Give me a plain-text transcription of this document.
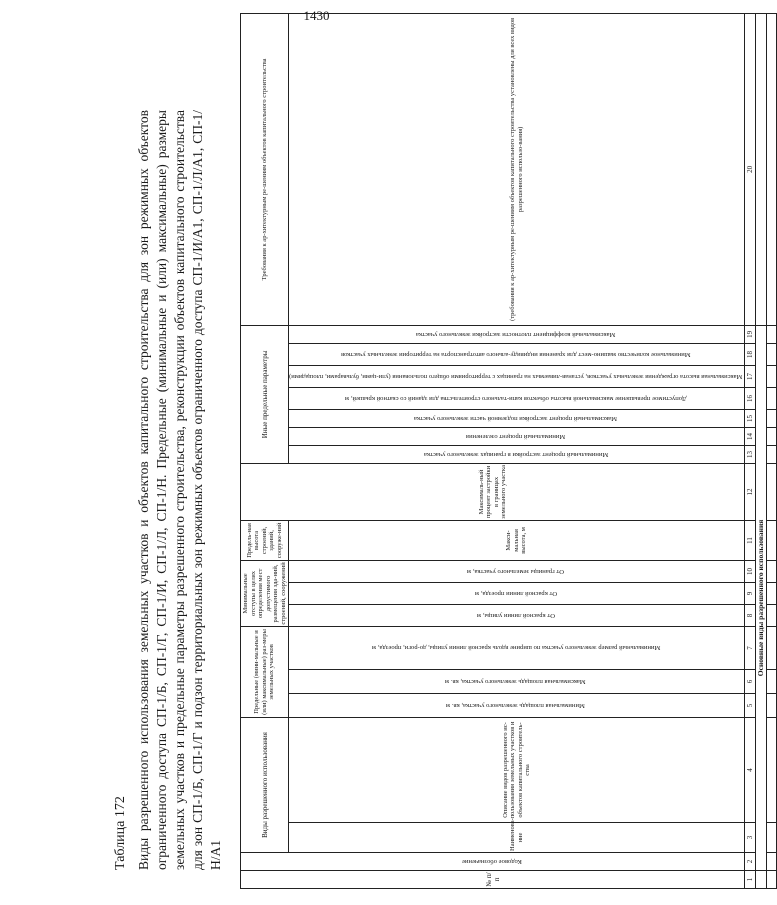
1430
Таблица 172 Виды разрешенного использования земельных участков и объектов капитального строительства для зон режимных объектов ограниченного доступа СП-1/Б, СП-1/Г, СП-1/И, СП-1/Л, СП-1/Н. Предельные (минимальные и (или) максимальные) размеры земельных участков и предельные параметры разрешенного строительства, реконструкции объектов капитального строительства для зон СП-1/Б, СП-1/Г и подзон территориальных зон режимных объектов ограниченного доступа СП-1/И/А1, СП-1/Л/А1, СП-1/Н/А1
№ п/п	Кодовое обозначение	Виды разрешенного использования		Предельные (мини-мальные и (или) максимальные) раз-меры земельных участков			Минимальные отступы в целях определения мест допустимого размещения зда-ний, строений, сооружений			Предель-ная высота строений, зданий, сооруже-ний	Максималь-ный процент застройки в границах земельного участка	Иные предельные параметры							Требования к ар-хитектурным ре-шениям объектов капитального строительства
		Наименова-ние	Описание видов разрешенного ис-пользования земельных участков и объектов капитального строитель-ства	Минимальная площадь земельного участка, кв. м	Максимальная площадь земельного участка, кв. м	Минимальный размер земельного участка по ширине вдоль красной линии улицы, до-роги, проезда, м	От красной линии улицы, м	От красной линии проезда, м	От границы земельного участка, м	Макси-мальная высота, м		Минимальный процент застройки в границах земельного участка	Минимальный процент озеленения	Максимальный процент застройки подземной части земельного участка	Допустимое превышение максимальной высоты объектов капи-тального строительства для зданий со скатной крышей, м	Максимальная высота ограждения земельных участков, устанав-ливаемых на границах с территориями общего пользования (ули-цами, бульварами, площадями)	Минимальное количество машино-мест для хранения индивиду-ального автотранспорта на территории земельных участков	Максимальный коэффициент плотности застройки земельного участка	(требования к ар-хитектурным ре-шениям объектов капитального строительства установлены для всех видов разрешенного использо-вания)

1	2	3	4	5	6	7	8	9	10	11	12	13	14	15	16	17	18	19	20
	Основные виды разрешенного использования																		
